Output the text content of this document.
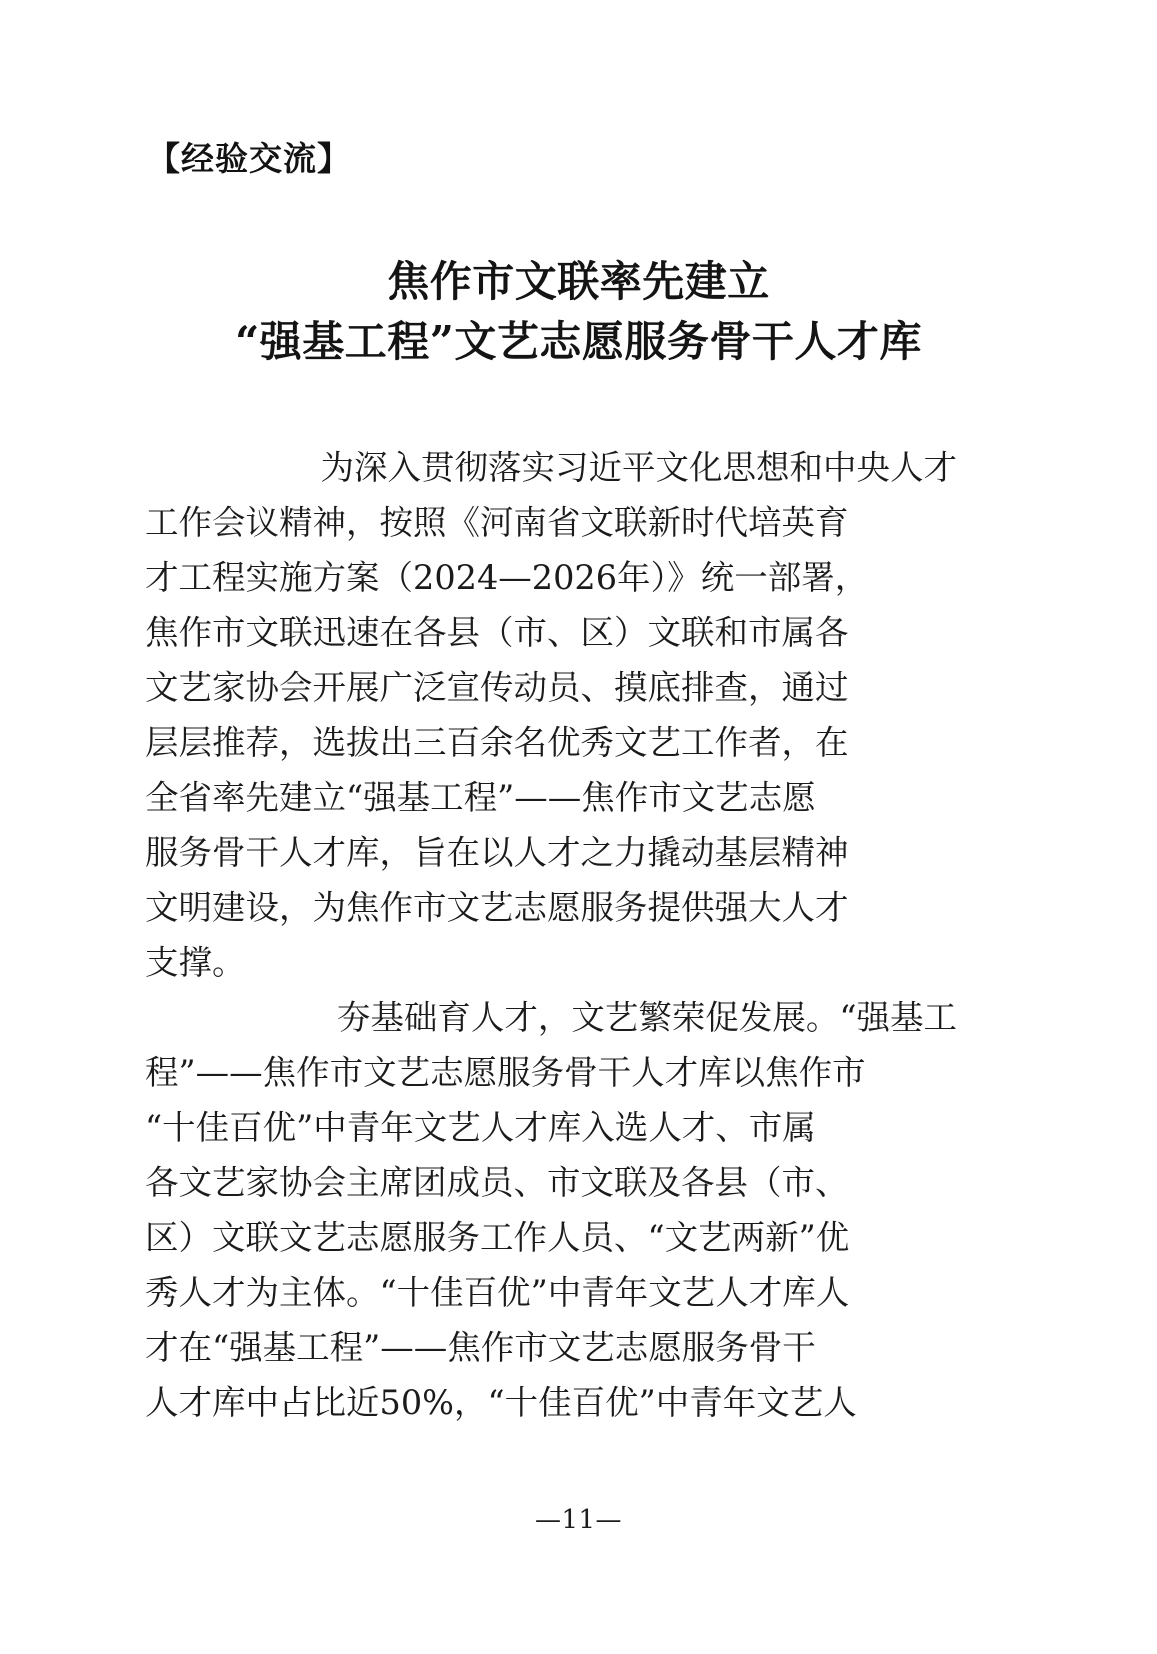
【经验交流】
焦作市文联率先建立
“强基工程”文艺志愿服务骨干人才库

为深入贯彻落实习近平文化思想和中央人才
工作会议精神，按照《河南省文联新时代培英育
才工程实施方案（2024—2026年）》统一部署，
焦作市文联迅速在各县（市、区）文联和市属各
文艺家协会开展广泛宣传动员、摸底排查，通过
层层推荐，选拔出三百余名优秀文艺工作者，在
全省率先建立“强基工程”——焦作市文艺志愿
服务骨干人才库，旨在以人才之力撬动基层精神
文明建设，为焦作市文艺志愿服务提供强大人才
支撑。

夯基础育人才，文艺繁荣促发展。“强基工
程”——焦作市文艺志愿服务骨干人才库以焦作市
“十佳百优”中青年文艺人才库入选人才、市属
各文艺家协会主席团成员、市文联及各县（市、
区）文联文艺志愿服务工作人员、“文艺两新”优
秀人才为主体。“十佳百优”中青年文艺人才库人
才在“强基工程”——焦作市文艺志愿服务骨干
人才库中占比近50%，“十佳百优”中青年文艺人

—11—
